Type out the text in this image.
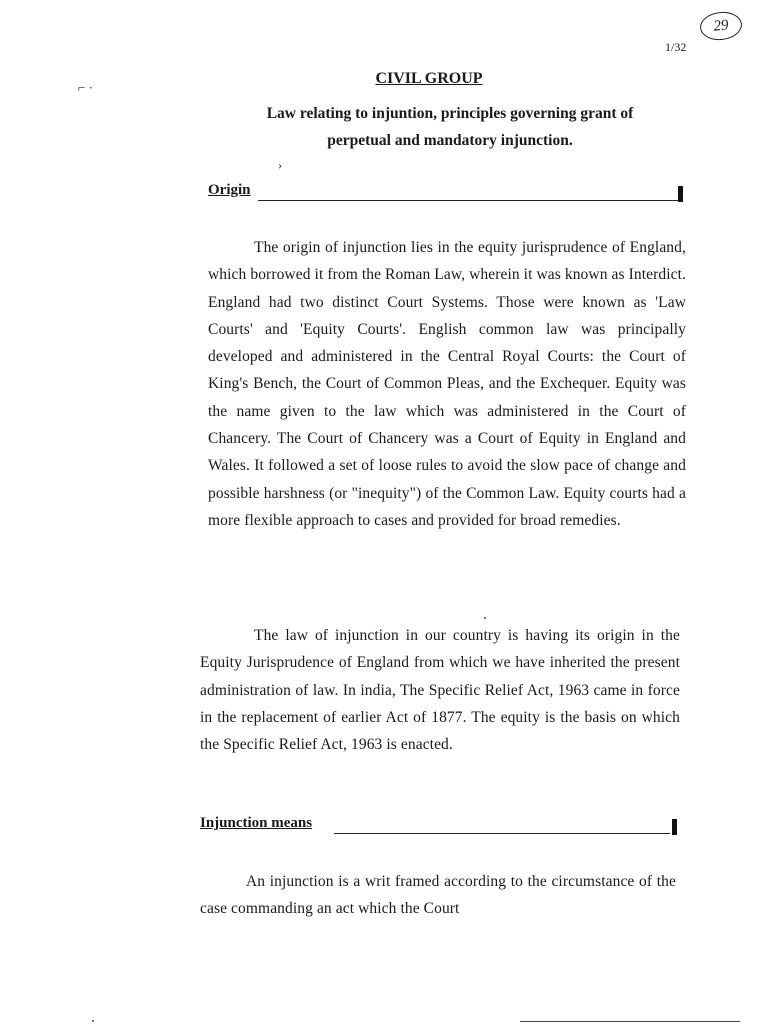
29
1/32
⌐ ·
CIVIL GROUP
Law relating to injuntion, principles governing grant of
perpetual and mandatory injunction.
›
Origin
The origin of injunction lies in the equity jurisprudence of England, which borrowed it from the Roman Law, wherein it was known as Interdict. England had two distinct Court Systems. Those were known as 'Law Courts' and 'Equity Courts'. English common law was principally developed and administered in the Central Royal Courts: the Court of King's Bench, the Court of Common Pleas, and the Exchequer. Equity was the name given to the law which was administered in the Court of Chancery. The Court of Chancery was a Court of Equity in England and Wales. It followed a set of loose rules to avoid the slow pace of change and possible harshness (or "inequity") of the Common Law. Equity courts had a more flexible approach to cases and provided for broad remedies.
The law of injunction in our country is having its origin in the Equity Jurisprudence of England from which we have inherited the present administration of law. In india, The Specific Relief Act, 1963 came in force in the replacement of earlier Act of 1877. The equity is the basis on which the Specific Relief Act, 1963 is enacted.
Injunction means
An injunction is a writ framed according to the circumstance of the case commanding an act which the Court
